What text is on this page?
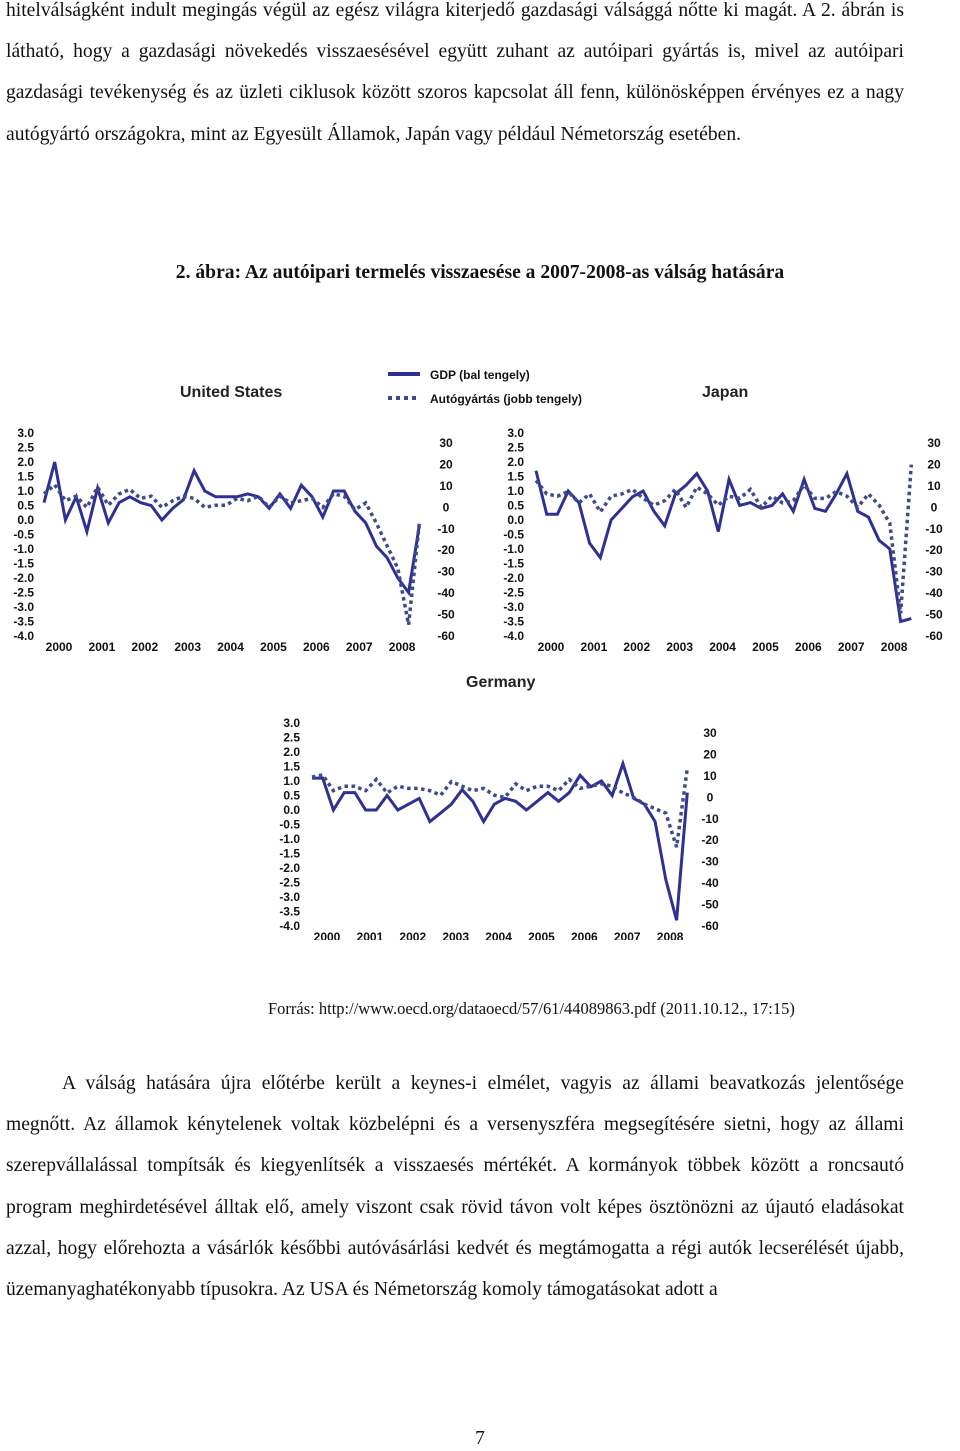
hitelválságként indult megingás végül az egész világra kiterjedő gazdasági válsággá nőtte ki magát. A 2. ábrán is látható, hogy a gazdasági növekedés visszaesésével együtt zuhant az autóipari gyártás is, mivel az autóipari gazdasági tevékenység és az üzleti ciklusok között szoros kapcsolat áll fenn, különösképpen érvényes ez a nagy autógyártó országokra, mint az Egyesült Államok, Japán vagy például Németország esetében.
2. ábra: Az autóipari termelés visszaesése a 2007-2008-as válság hatására
GDP (bal tengely)
Autógyártás (jobb tengely)
United States	Japan
Germany
3.0
2.5
2.0
1.5
1.0
0.5
0.0
-0.5
-1.0
-1.5
-2.0
-2.5
-3.0
-3.5
-4.0
30
20
10
0
-10
-20
-30
-40
-50
-60
2000 2001 2002 2003 2004 2005 2006 2007 2008
3.0
2.5
2.0
1.5
1.0
0.5
0.0
-0.5
-1.0
-1.5
-2.0
-2.5
-3.0
-3.5
-4.0
30
20
10
0
-10
-20
-30
-40
-50
-60
2000 2001 2002 2003 2004 2005 2006 2007 2008
3.0
2.5
2.0
1.5
1.0
0.5
0.0
-0.5
-1.0
-1.5
-2.0
-2.5
-3.0
-3.5
-4.0
30
20
10
0
-10
-20
-30
-40
-50
-60
2000 2001 2002 2003 2004 2005 2006 2007 2008
Forrás: http://www.oecd.org/dataoecd/57/61/44089863.pdf (2011.10.12., 17:15)
A válság hatására újra előtérbe került a keynes-i elmélet, vagyis az állami beavatkozás jelentősége megnőtt. Az államok kénytelenek voltak közbelépni és a versenyszféra megsegítésére sietni, hogy az állami szerepvállalással tompítsák és kiegyenlítsék a visszaesés mértékét. A kormányok többek között a roncsautó program meghirdetésével álltak elő, amely viszont csak rövid távon volt képes ösztönözni az újautó eladásokat azzal, hogy előrehozta a vásárlók későbbi autóvásárlási kedvét és megtámogatta a régi autók lecserélését újabb, üzemanyaghatékonyabb típusokra. Az USA és Németország komoly támogatásokat adott a
7
